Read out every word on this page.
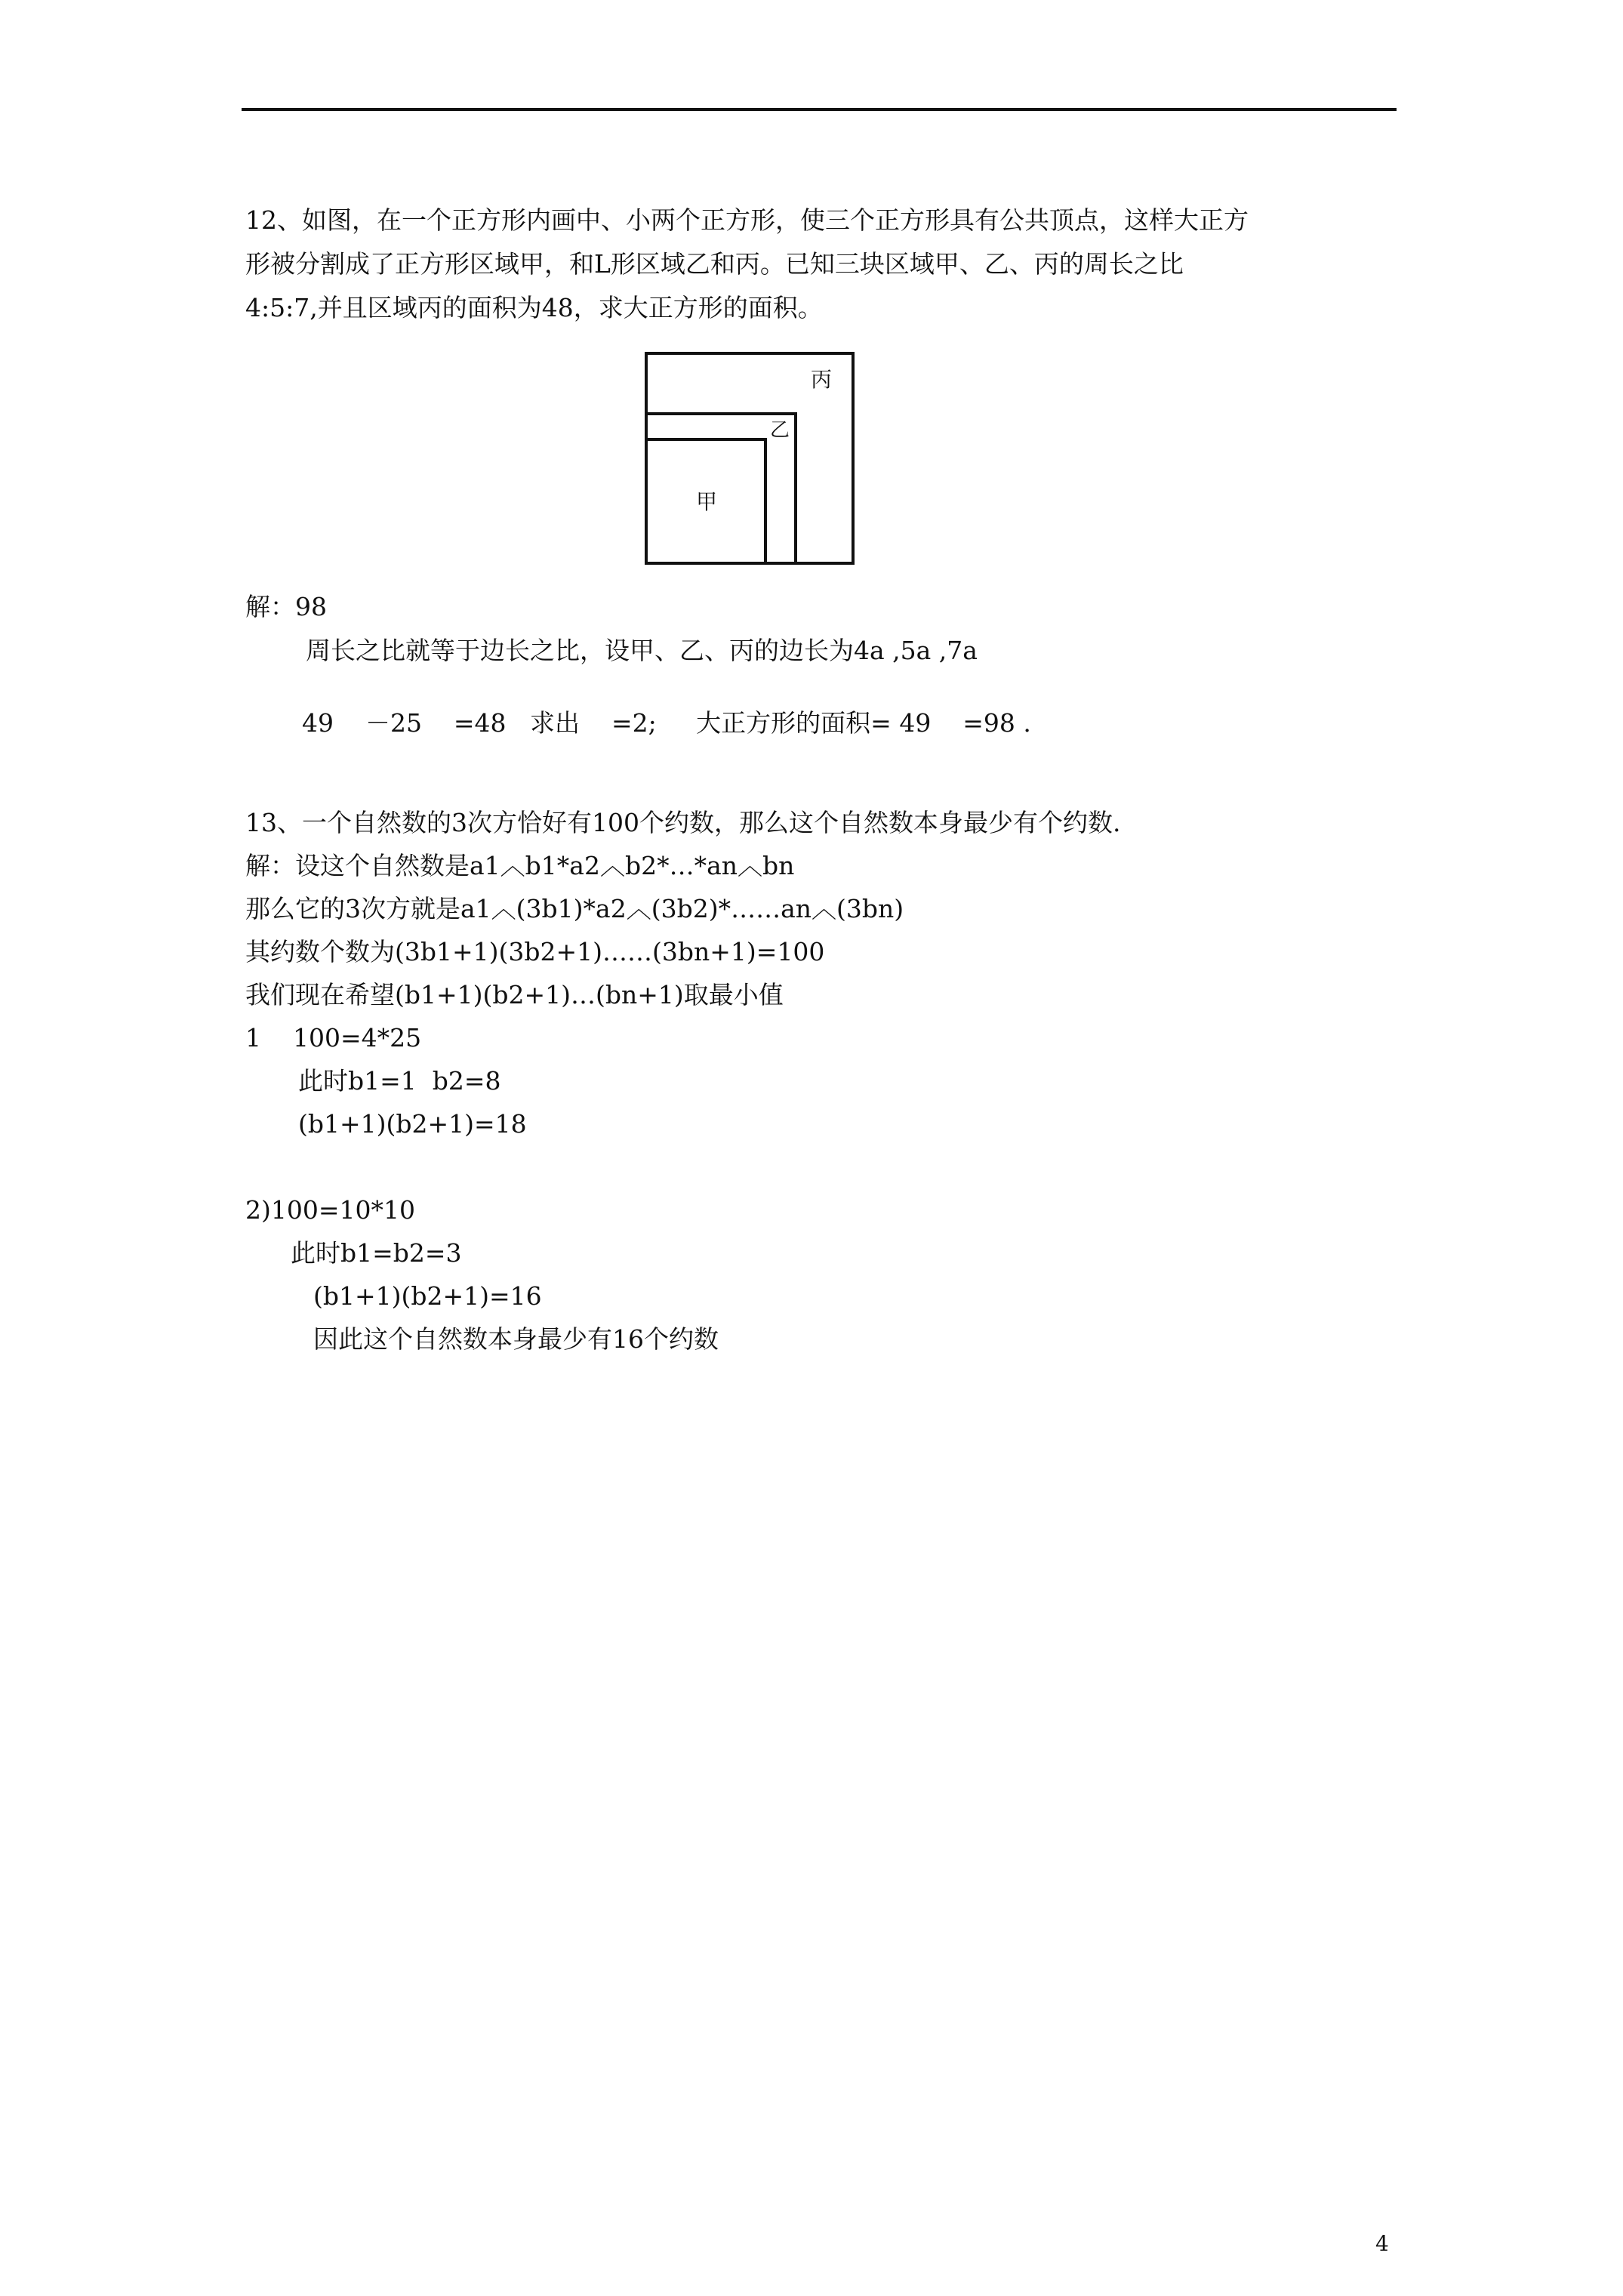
12、如图，在一个正方形内画中、小两个正方形，使三个正方形具有公共顶点，这样大正方
形被分割成了正方形区域甲，和L形区域乙和丙。已知三块区域甲、乙、丙的周长之比
4:5:7,并且区域丙的面积为48，求大正方形的面积。
丙
乙
甲
解：98
周长之比就等于边长之比，设甲、乙、丙的边长为4a ,5a ,7a
49    －25    =48   求出    =2;     大正方形的面积= 49    =98 .
13、一个自然数的3次方恰好有100个约数，那么这个自然数本身最少有个约数.
解：设这个自然数是a1︿b1*a2︿b2*…*an︿bn
那么它的3次方就是a1︿(3b1)*a2︿(3b2)*……an︿(3bn)
其约数个数为(3b1+1)(3b2+1)……(3bn+1)=100
我们现在希望(b1+1)(b2+1)…(bn+1)取最小值
1    100=4*25
此时b1=1  b2=8
(b1+1)(b2+1)=18
2)100=10*10
此时b1=b2=3
(b1+1)(b2+1)=16
因此这个自然数本身最少有16个约数
4
